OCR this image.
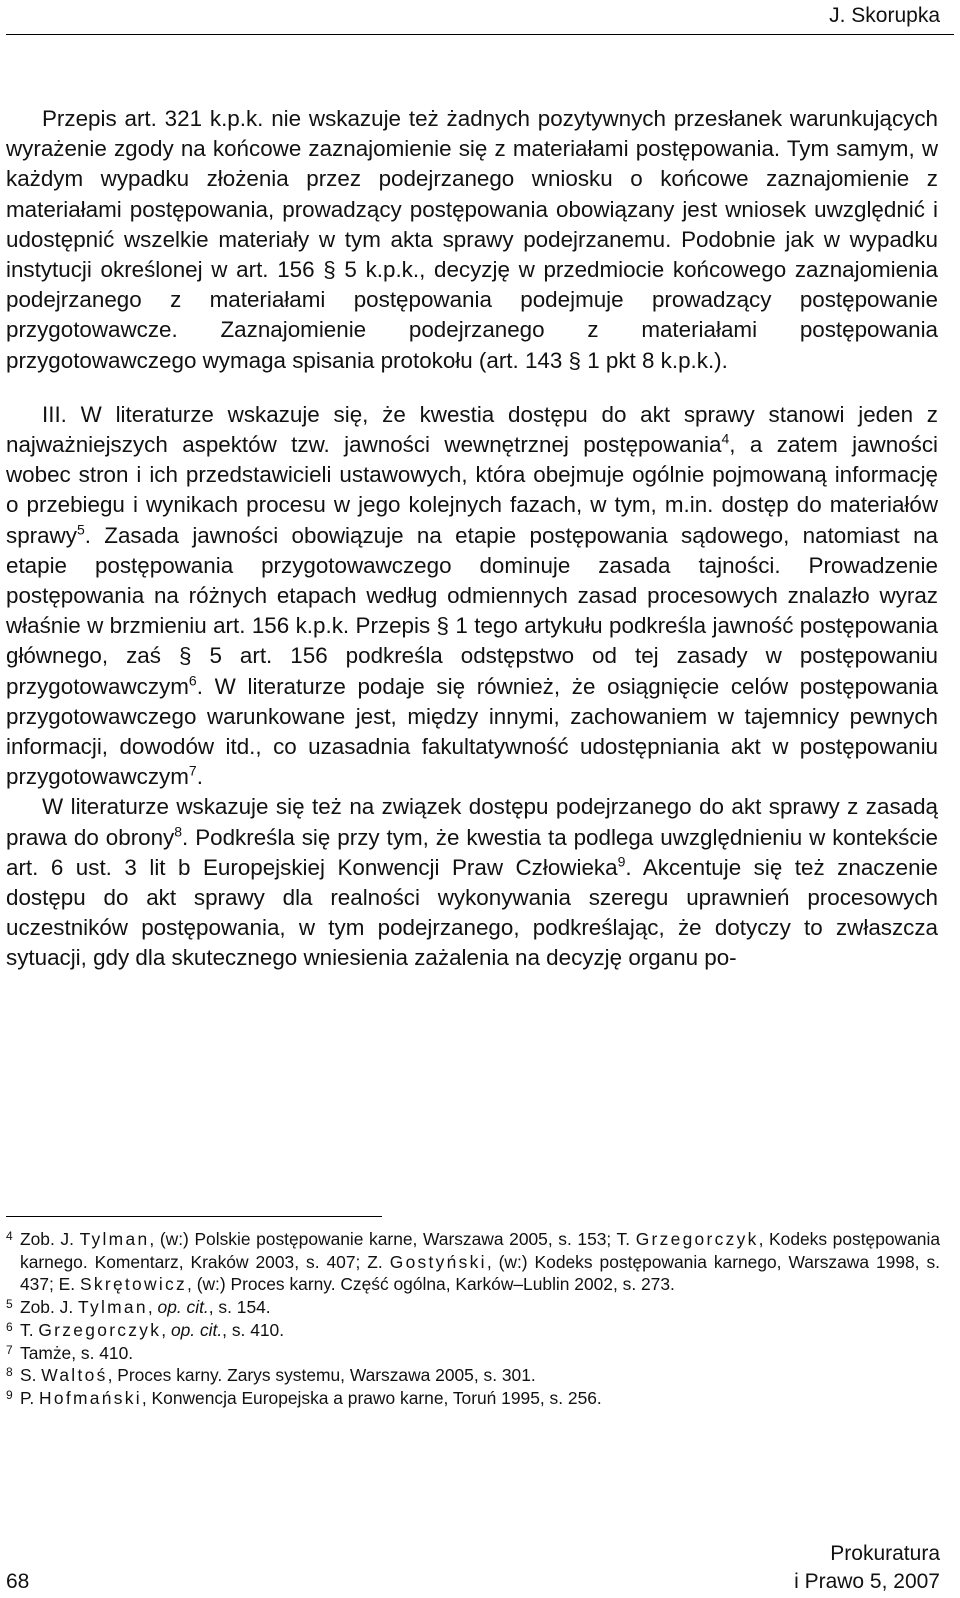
J. Skorupka

Przepis art. 321 k.p.k. nie wskazuje też żadnych pozytywnych przesłanek warunkujących wyrażenie zgody na końcowe zaznajomienie się z materiałami postępowania. Tym samym, w każdym wypadku złożenia przez podejrzanego wniosku o końcowe zaznajomienie z materiałami postępowania, prowadzący postępowania obowiązany jest wniosek uwzględnić i udostępnić wszelkie materiały w tym akta sprawy podejrzanemu. Podobnie jak w wypadku instytucji określonej w art. 156 § 5 k.p.k., decyzję w przedmiocie końcowego zaznajomienia podejrzanego z materiałami postępowania podejmuje prowadzący postępowanie przygotowawcze. Zaznajomienie podejrzanego z materiałami postępowania przygotowawczego wymaga spisania protokołu (art. 143 § 1 pkt 8 k.p.k.).

III. W literaturze wskazuje się, że kwestia dostępu do akt sprawy stanowi jeden z najważniejszych aspektów tzw. jawności wewnętrznej postępowania$^4$, a zatem jawności wobec stron i ich przedstawicieli ustawowych, która obejmuje ogólnie pojmowaną informację o przebiegu i wynikach procesu w jego kolejnych fazach, w tym, m.in. dostęp do materiałów sprawy$^5$. Zasada jawności obowiązuje na etapie postępowania sądowego, natomiast na etapie postępowania przygotowawczego dominuje zasada tajności. Prowadzenie postępowania na różnych etapach według odmiennych zasad procesowych znalazło wyraz właśnie w brzmieniu art. 156 k.p.k. Przepis § 1 tego artykułu podkreśla jawność postępowania głównego, zaś § 5 art. 156 podkreśla odstępstwo od tej zasady w postępowaniu przygotowawczym$^6$. W literaturze podaje się również, że osiągnięcie celów postępowania przygotowawczego warunkowane jest, między innymi, zachowaniem w tajemnicy pewnych informacji, dowodów itd., co uzasadnia fakultatywność udostępniania akt w postępowaniu przygotowawczym$^7$.

W literaturze wskazuje się też na związek dostępu podejrzanego do akt sprawy z zasadą prawa do obrony$^8$. Podkreśla się przy tym, że kwestia ta podlega uwzględnieniu w kontekście art. 6 ust. 3 lit b Europejskiej Konwencji Praw Człowieka$^9$. Akcentuje się też znaczenie dostępu do akt sprawy dla realności wykonywania szeregu uprawnień procesowych uczestników postępowania, w tym podejrzanego, podkreślając, że dotyczy to zwłaszcza sytuacji, gdy dla skutecznego wniesienia zażalenia na decyzję organu po-

4 Zob. J. Tylman, (w:) Polskie postępowanie karne, Warszawa 2005, s. 153; T. Grzegorczyk, Kodeks postępowania karnego. Komentarz, Kraków 2003, s. 407; Z. Gostyński, (w:) Kodeks postępowania karnego, Warszawa 1998, s. 437; E. Skrętowicz, (w:) Proces karny. Część ogólna, Karków–Lublin 2002, s. 273.
5 Zob. J. Tylman, op. cit., s. 154.
6 T. Grzegorczyk, op. cit., s. 410.
7 Tamże, s. 410.
8 S. Waltoś, Proces karny. Zarys systemu, Warszawa 2005, s. 301.
9 P. Hofmański, Konwencja Europejska a prawo karne, Toruń 1995, s. 256.
68
Prokuratura
i Prawo 5, 2007
